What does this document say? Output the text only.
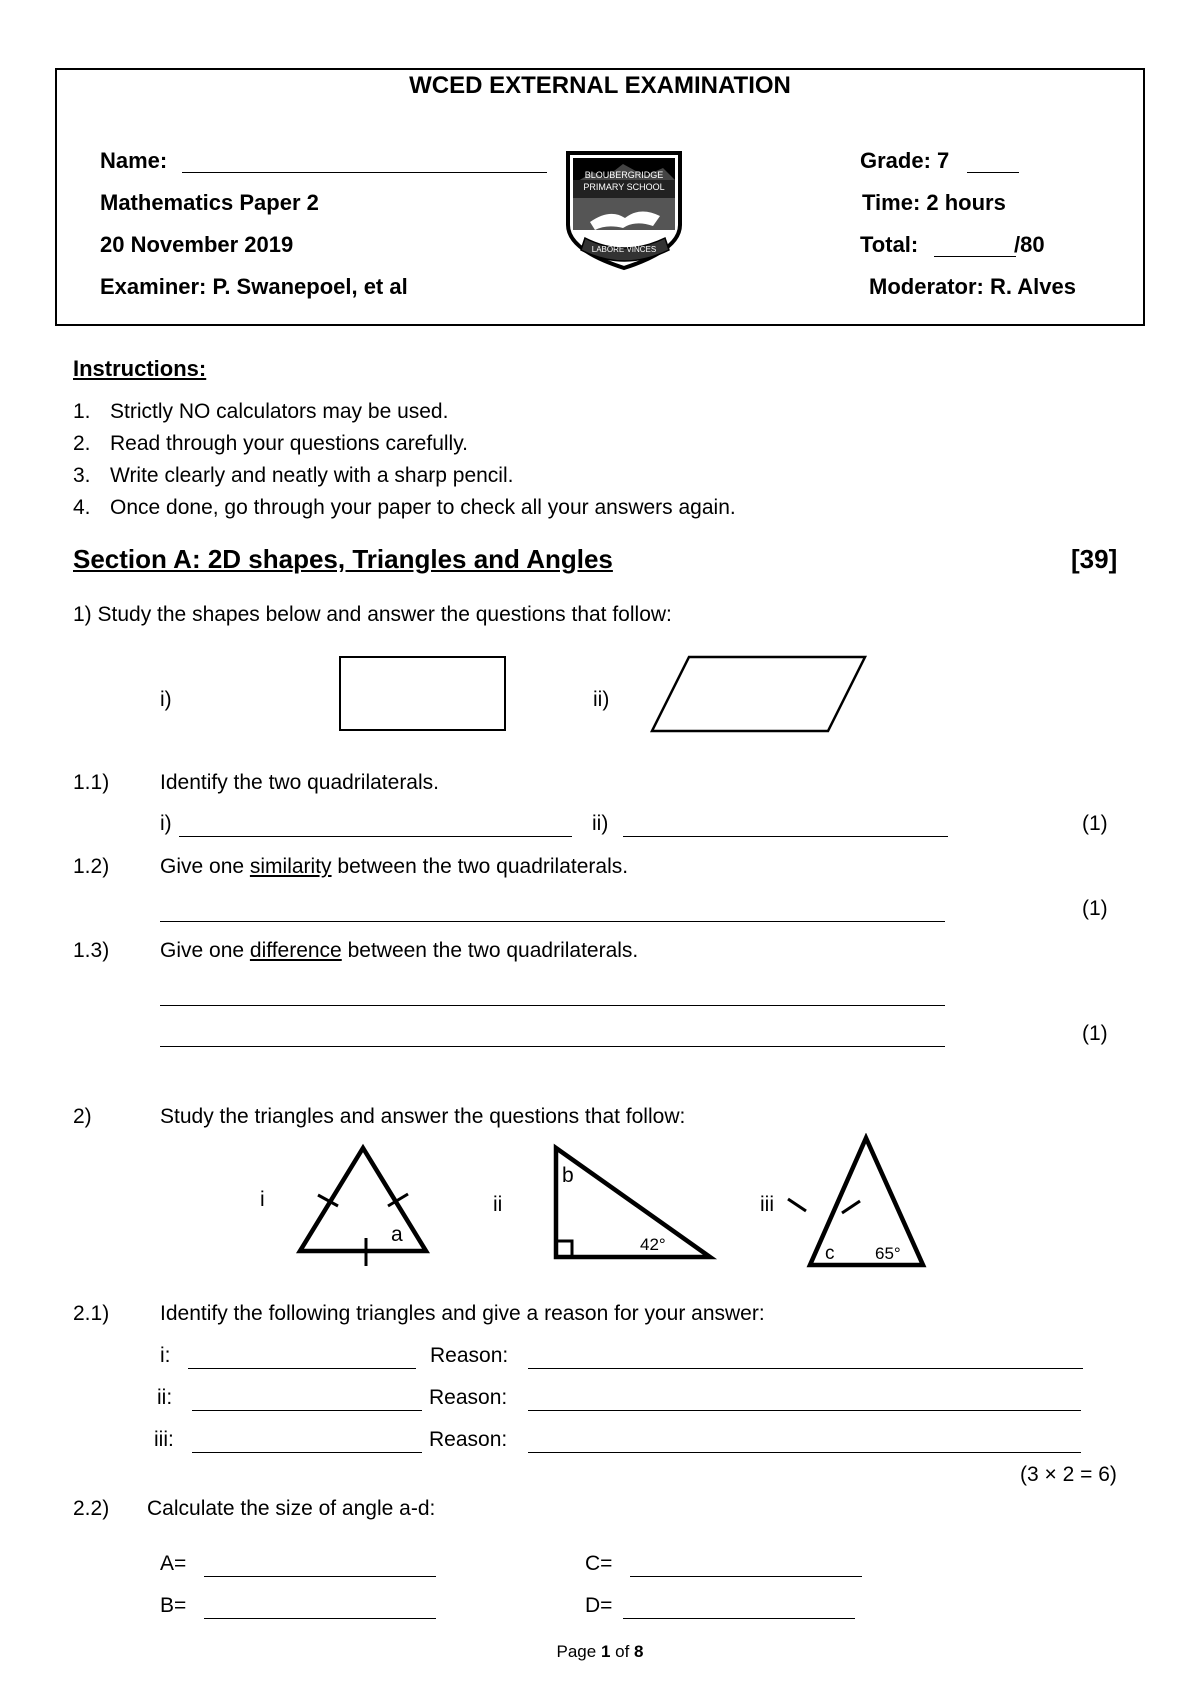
WCED EXTERNAL EXAMINATION
Name:
Mathematics Paper 2
20 November 2019
Examiner: P. Swanepoel, et al
Grade: 7
Time: 2 hours
Total:	/80
Moderator: R. Alves
BLOUBERGRIDGE
PRIMARY SCHOOL
LABORE VINCES
Instructions:
1. Strictly NO calculators may be used.
2. Read through your questions carefully.
3. Write clearly and neatly with a sharp pencil.
4. Once done, go through your paper to check all your answers again.
Section A: 2D shapes, Triangles and Angles	[39]
1) Study the shapes below and answer the questions that follow:
i)	ii)
1.1) Identify the two quadrilaterals.
i)	ii)	(1)
1.2) Give one similarity between the two quadrilaterals.
(1)
1.3) Give one difference between the two quadrilaterals.
(1)
2)	Study the triangles and answer the questions that follow:
i
a
ii
b
42°
iii
c 65°
2.1) Identify the following triangles and give a reason for your answer:
i:	Reason:
ii:	Reason:
iii:	Reason:
(3 × 2 = 6)
2.2) Calculate the size of angle a-d:
A=	C=
B=	D=
Page 1 of 8
